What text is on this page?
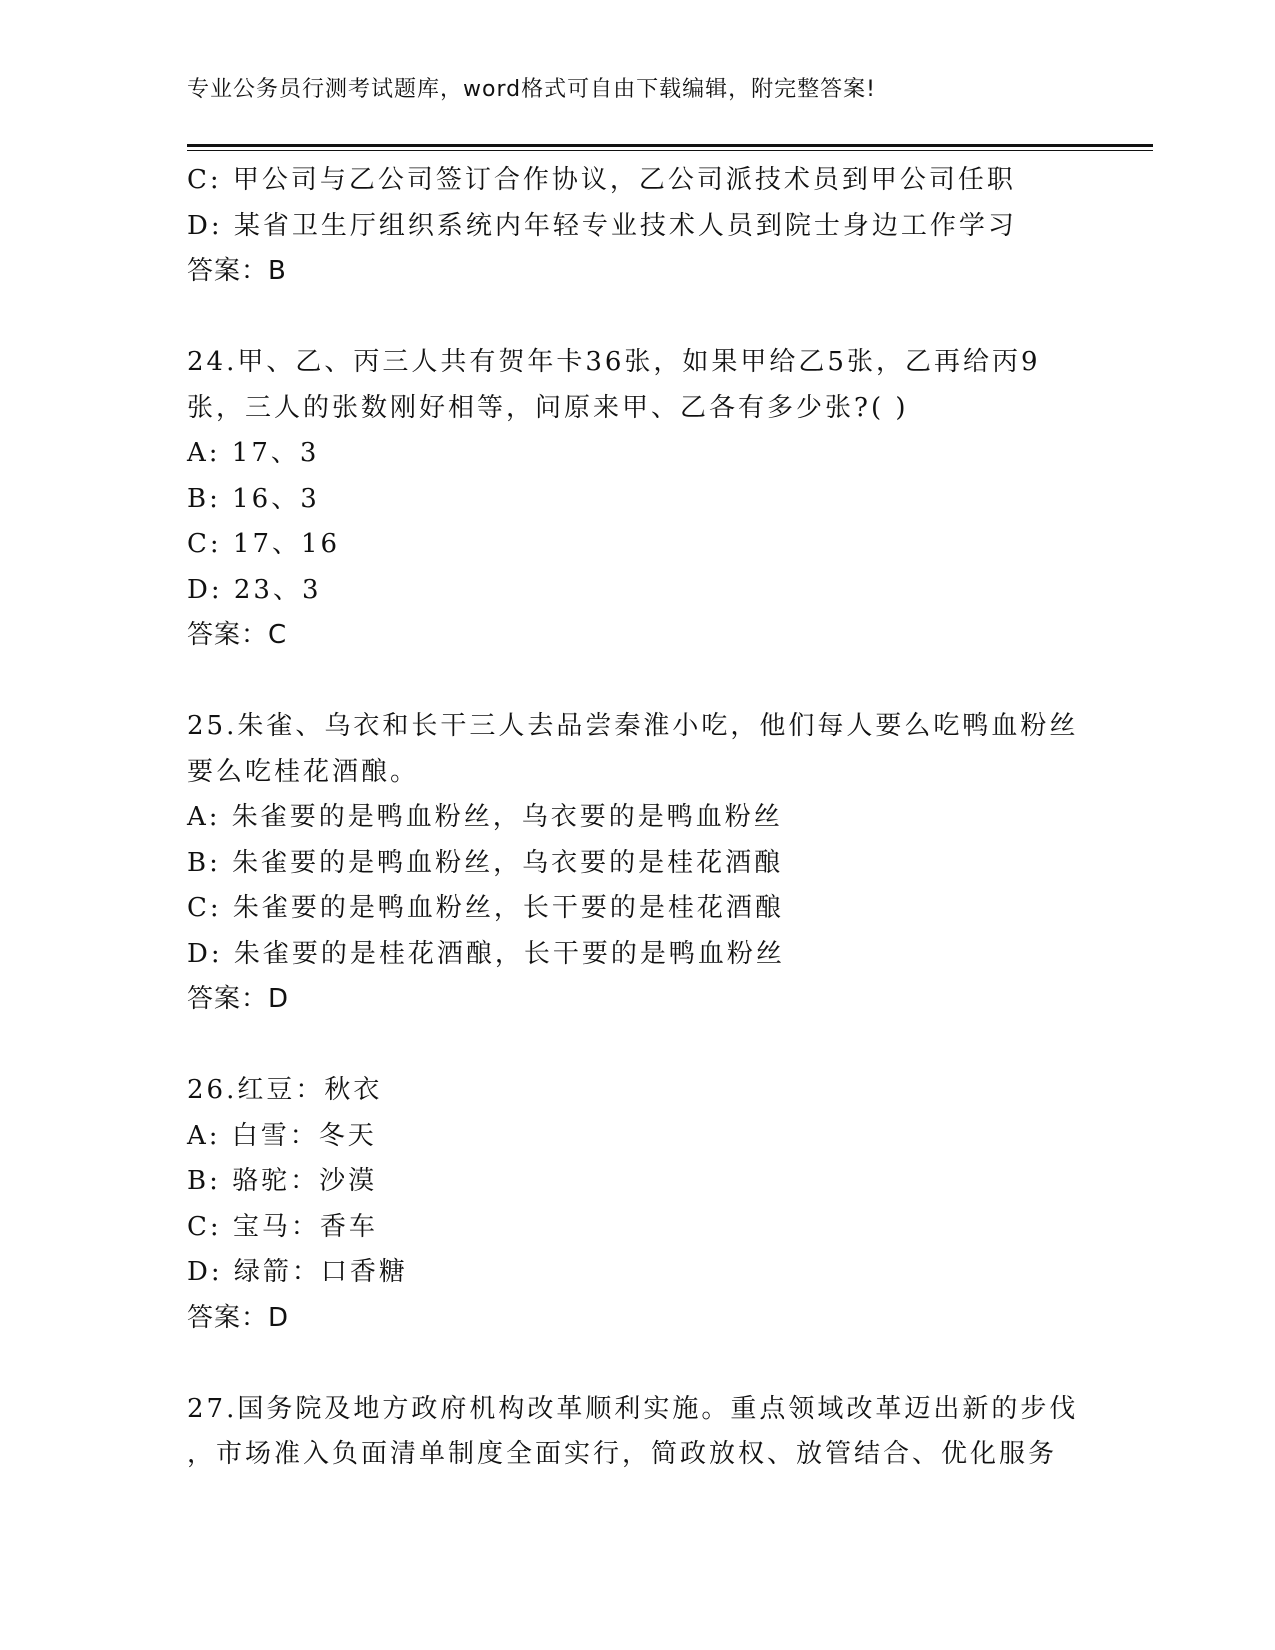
专业公务员行测考试题库，word格式可自由下载编辑，附完整答案!
C: 甲公司与乙公司签订合作协议，乙公司派技术员到甲公司任职
D: 某省卫生厅组织系统内年轻专业技术人员到院士身边工作学习
答案：B
24.甲、乙、丙三人共有贺年卡36张，如果甲给乙5张，乙再给丙9
张，三人的张数刚好相等，问原来甲、乙各有多少张?( )
A: 17、3
B: 16、3
C: 17、16
D: 23、3
答案：C
25.朱雀、乌衣和长干三人去品尝秦淮小吃，他们每人要么吃鸭血粉丝
要么吃桂花酒酿。
A: 朱雀要的是鸭血粉丝，乌衣要的是鸭血粉丝
B: 朱雀要的是鸭血粉丝，乌衣要的是桂花酒酿
C: 朱雀要的是鸭血粉丝，长干要的是桂花酒酿
D: 朱雀要的是桂花酒酿，长干要的是鸭血粉丝
答案：D
26.红豆：秋衣
A: 白雪：冬天
B: 骆驼：沙漠
C: 宝马：香车
D: 绿箭：口香糖
答案：D
27.国务院及地方政府机构改革顺利实施。重点领域改革迈出新的步伐
，市场准入负面清单制度全面实行，简政放权、放管结合、优化服务
